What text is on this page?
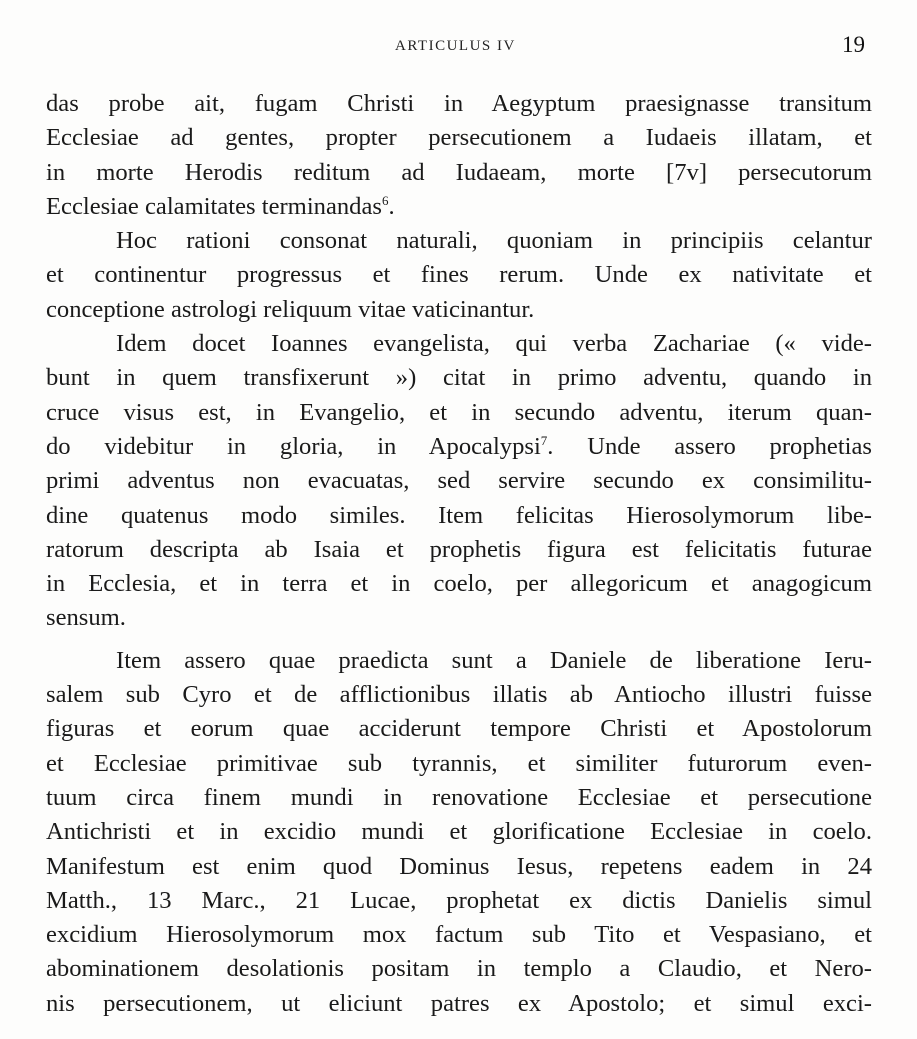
ARTICULUS IV	19
das probe ait, fugam Christi in Aegyptum praesignasse transitum
Ecclesiae ad gentes, propter persecutionem a Iudaeis illatam, et
in morte Herodis reditum ad Iudaeam, morte [7v] persecutorum
Ecclesiae calamitates terminandas$^6$.
Hoc rationi consonat naturali, quoniam in principiis celantur
et continentur progressus et fines rerum. Unde ex nativitate et
conceptione astrologi reliquum vitae vaticinantur.
Idem docet Ioannes evangelista, qui verba Zachariae (« vide-
bunt in quem transfixerunt ») citat in primo adventu, quando in
cruce visus est, in Evangelio, et in secundo adventu, iterum quan-
do videbitur in gloria, in Apocalypsi$^7$. Unde assero prophetias
primi adventus non evacuatas, sed servire secundo ex consimilitu-
dine quatenus modo similes. Item felicitas Hierosolymorum libe-
ratorum descripta ab Isaia et prophetis figura est felicitatis futurae
in Ecclesia, et in terra et in coelo, per allegoricum et anagogicum
sensum.
Item assero quae praedicta sunt a Daniele de liberatione Ieru-
salem sub Cyro et de afflictionibus illatis ab Antiocho illustri fuisse
figuras et eorum quae acciderunt tempore Christi et Apostolorum
et Ecclesiae primitivae sub tyrannis, et similiter futurorum even-
tuum circa finem mundi in renovatione Ecclesiae et persecutione
Antichristi et in excidio mundi et glorificatione Ecclesiae in coelo.
Manifestum est enim quod Dominus Iesus, repetens eadem in 24
Matth., 13 Marc., 21 Lucae, prophetat ex dictis Danielis simul
excidium Hierosolymorum mox factum sub Tito et Vespasiano, et
abominationem desolationis positam in templo a Claudio, et Nero-
nis persecutionem, ut eliciunt patres ex Apostolo; et simul exci-
